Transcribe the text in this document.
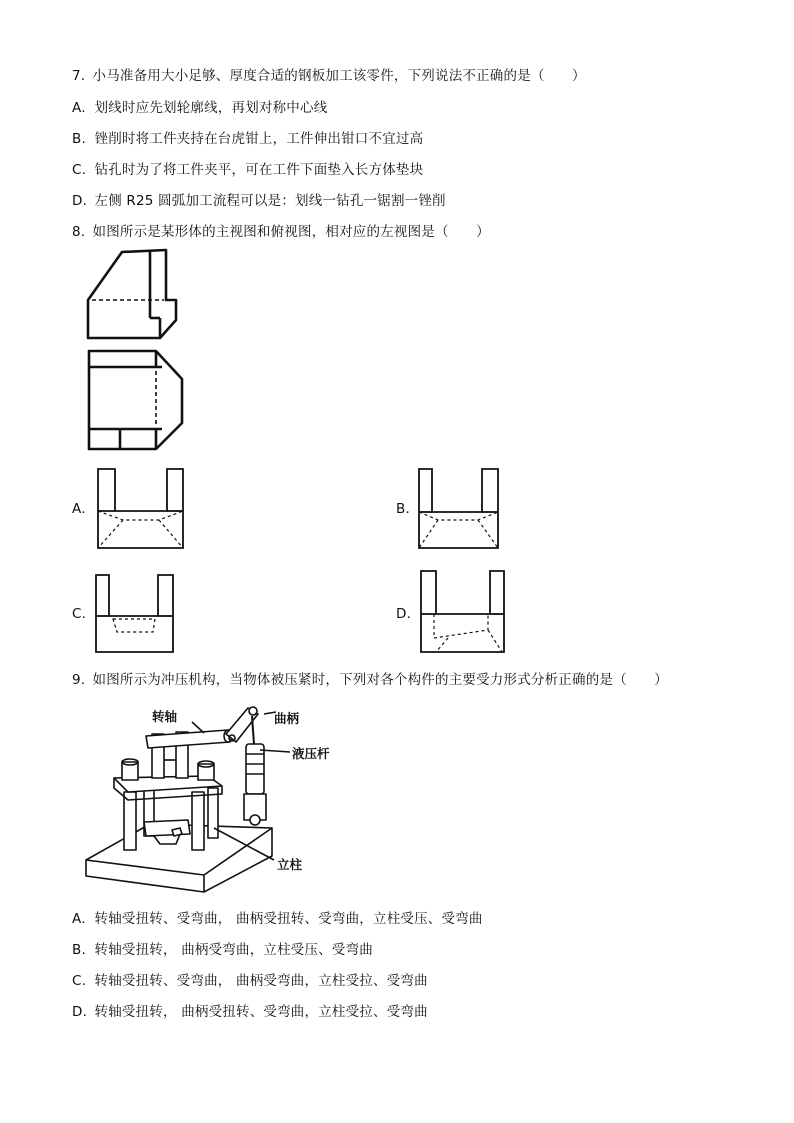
7. 小马准备用大小足够、厚度合适的钢板加工该零件，下列说法不正确的是（　　）
A. 划线时应先划轮廓线，再划对称中心线
B. 锉削时将工件夹持在台虎钳上，工件伸出钳口不宜过高
C. 钻孔时为了将工件夹平，可在工件下面垫入长方体垫块
D. 左侧 R25 圆弧加工流程可以是：划线一钻孔一锯割一锉削
8. 如图所示是某形体的主视图和俯视图，相对应的左视图是（　　）
A.	B.
C.	D.
9. 如图所示为冲压机构，当物体被压紧时，下列对各个构件的主要受力形式分析正确的是（　　）
转轴	曲柄
液压杆
立柱
A. 转轴受扭转、受弯曲， 曲柄受扭转、受弯曲，立柱受压、受弯曲
B. 转轴受扭转， 曲柄受弯曲，立柱受压、受弯曲
C. 转轴受扭转、受弯曲， 曲柄受弯曲，立柱受拉、受弯曲
D. 转轴受扭转， 曲柄受扭转、受弯曲，立柱受拉、受弯曲
